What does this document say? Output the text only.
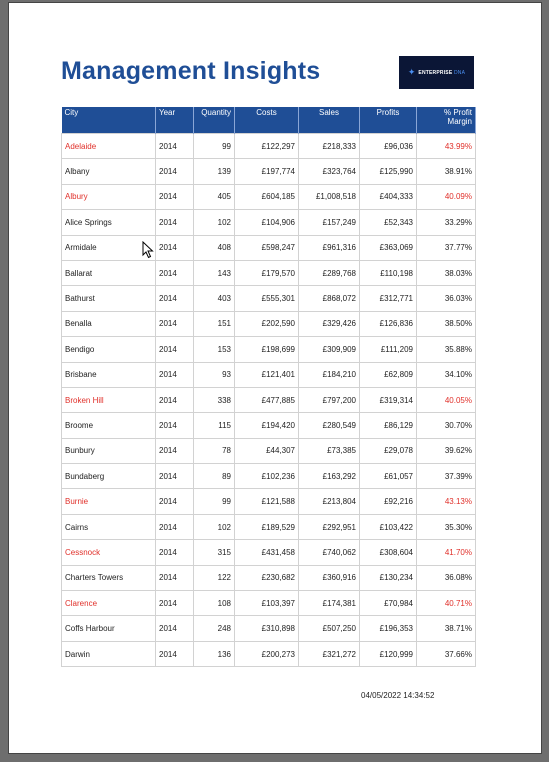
Management Insights	✦ ENTERPRISE DNA
City	Year	Quantity	Costs	Sales	Profits	% Profit Margin
Adelaide	2014	99	£122,297	£218,333	£96,036	43.99%
Albany	2014	139	£197,774	£323,764	£125,990	38.91%
Albury	2014	405	£604,185	£1,008,518	£404,333	40.09%
Alice Springs	2014	102	£104,906	£157,249	£52,343	33.29%
Armidale	2014	408	£598,247	£961,316	£363,069	37.77%
Ballarat	2014	143	£179,570	£289,768	£110,198	38.03%
Bathurst	2014	403	£555,301	£868,072	£312,771	36.03%
Benalla	2014	151	£202,590	£329,426	£126,836	38.50%
Bendigo	2014	153	£198,699	£309,909	£111,209	35.88%
Brisbane	2014	93	£121,401	£184,210	£62,809	34.10%
Broken Hill	2014	338	£477,885	£797,200	£319,314	40.05%
Broome	2014	115	£194,420	£280,549	£86,129	30.70%
Bunbury	2014	78	£44,307	£73,385	£29,078	39.62%
Bundaberg	2014	89	£102,236	£163,292	£61,057	37.39%
Burnie	2014	99	£121,588	£213,804	£92,216	43.13%
Cairns	2014	102	£189,529	£292,951	£103,422	35.30%
Cessnock	2014	315	£431,458	£740,062	£308,604	41.70%
Charters Towers	2014	122	£230,682	£360,916	£130,234	36.08%
Clarence	2014	108	£103,397	£174,381	£70,984	40.71%
Coffs Harbour	2014	248	£310,898	£507,250	£196,353	38.71%
Darwin	2014	136	£200,273	£321,272	£120,999	37.66%
04/05/2022 14:34:52
